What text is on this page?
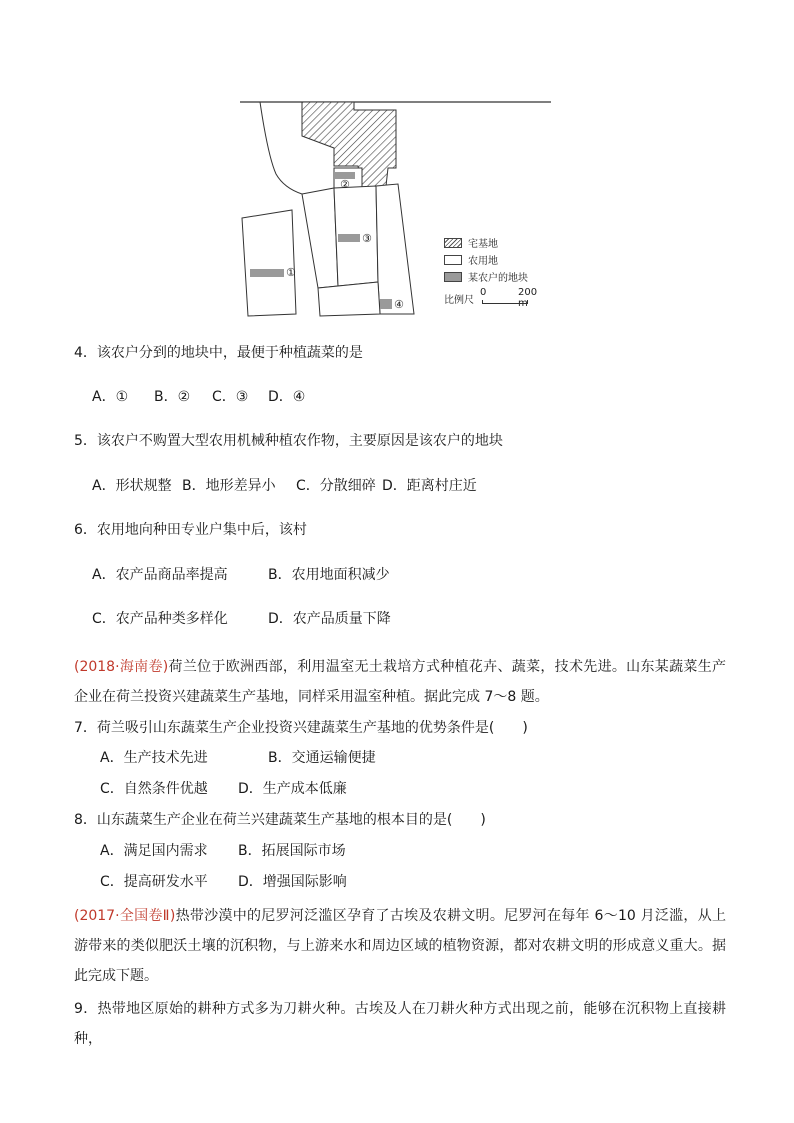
①
②
③
④
宅基地
农用地
某农户的地块
比例尺
0	200 m
4．该农户分到的地块中，最便于种植蔬菜的是
A．① B．② C．③ D．④
5．该农户不购置大型农用机械种植农作物，主要原因是该农户的地块
A．形状规整 B．地形差异小 C．分散细碎 D．距离村庄近
6．农用地向种田专业户集中后，该村
A．农产品商品率提高	B．农用地面积减少
C．农产品种类多样化	D．农产品质量下降
(2018·海南卷)荷兰位于欧洲西部，利用温室无土栽培方式种植花卉、蔬菜，技术先进。山东某蔬菜生产企业在荷兰投资兴建蔬菜生产基地，同样采用温室种植。据此完成 7～8 题。
7．荷兰吸引山东蔬菜生产企业投资兴建蔬菜生产基地的优势条件是(　　)
A．生产技术先进	B．交通运输便捷
C．自然条件优越 D．生产成本低廉
8．山东蔬菜生产企业在荷兰兴建蔬菜生产基地的根本目的是(　　)
A．满足国内需求 B．拓展国际市场
C．提高研发水平 D．增强国际影响
(2017·全国卷Ⅱ)热带沙漠中的尼罗河泛滥区孕育了古埃及农耕文明。尼罗河在每年 6～10 月泛滥，从上游带来的类似肥沃土壤的沉积物，与上游来水和周边区域的植物资源，都对农耕文明的形成意义重大。据此完成下题。
9．热带地区原始的耕种方式多为刀耕火种。古埃及人在刀耕火种方式出现之前，能够在沉积物上直接耕种，
